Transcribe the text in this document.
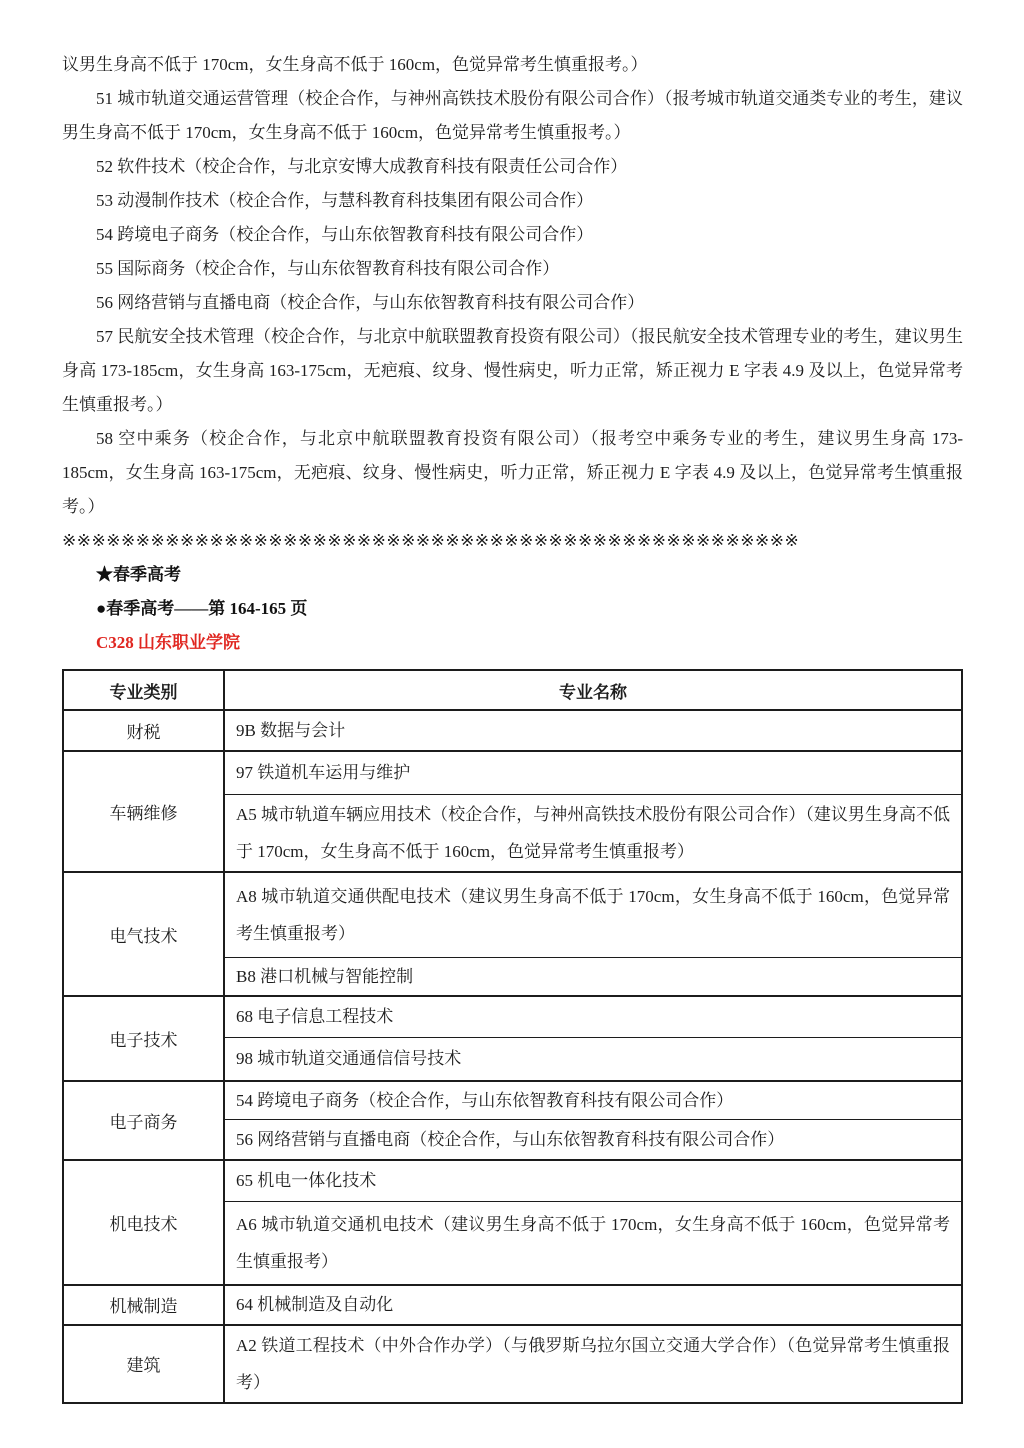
议男生身高不低于 170cm，女生身高不低于 160cm，色觉异常考生慎重报考。）

51 城市轨道交通运营管理（校企合作，与神州高铁技术股份有限公司合作）（报考城市轨道交通类专业的考生，建议男生身高不低于 170cm，女生身高不低于 160cm，色觉异常考生慎重报考。）

52 软件技术（校企合作，与北京安博大成教育科技有限责任公司合作）

53 动漫制作技术（校企合作，与慧科教育科技集团有限公司合作）

54 跨境电子商务（校企合作，与山东依智教育科技有限公司合作）

55 国际商务（校企合作，与山东依智教育科技有限公司合作）

56 网络营销与直播电商（校企合作，与山东依智教育科技有限公司合作）

57 民航安全技术管理（校企合作，与北京中航联盟教育投资有限公司）（报民航安全技术管理专业的考生，建议男生身高 173-185cm，女生身高 163-175cm，无疤痕、纹身、慢性病史，听力正常，矫正视力 E 字表 4.9 及以上，色觉异常考生慎重报考。）

58 空中乘务（校企合作，与北京中航联盟教育投资有限公司）（报考空中乘务专业的考生，建议男生身高 173-185cm，女生身高 163-175cm，无疤痕、纹身、慢性病史，听力正常，矫正视力 E 字表 4.9 及以上，色觉异常考生慎重报考。）

※※※※※※※※※※※※※※※※※※※※※※※※※※※※※※※※※※※※※※※※※※※※※※※※※※

★春季高考

●春季高考——第 164-165 页

C328 山东职业学院

专业类别	专业名称
财税	9B 数据与会计
车辆维修	97 铁道机车运用与维护
	A5 城市轨道车辆应用技术（校企合作，与神州高铁技术股份有限公司合作）（建议男生身高不低于 170cm，女生身高不低于 160cm，色觉异常考生慎重报考）
电气技术	A8 城市轨道交通供配电技术（建议男生身高不低于 170cm，女生身高不低于 160cm，色觉异常考生慎重报考）
	B8 港口机械与智能控制
电子技术	68 电子信息工程技术
	98 城市轨道交通通信信号技术
电子商务	54 跨境电子商务（校企合作，与山东依智教育科技有限公司合作）
	56 网络营销与直播电商（校企合作，与山东依智教育科技有限公司合作）
机电技术	65 机电一体化技术
	A6 城市轨道交通机电技术（建议男生身高不低于 170cm，女生身高不低于 160cm，色觉异常考生慎重报考）
机械制造	64 机械制造及自动化
建筑	A2 铁道工程技术（中外合作办学）（与俄罗斯乌拉尔国立交通大学合作）（色觉异常考生慎重报考）
